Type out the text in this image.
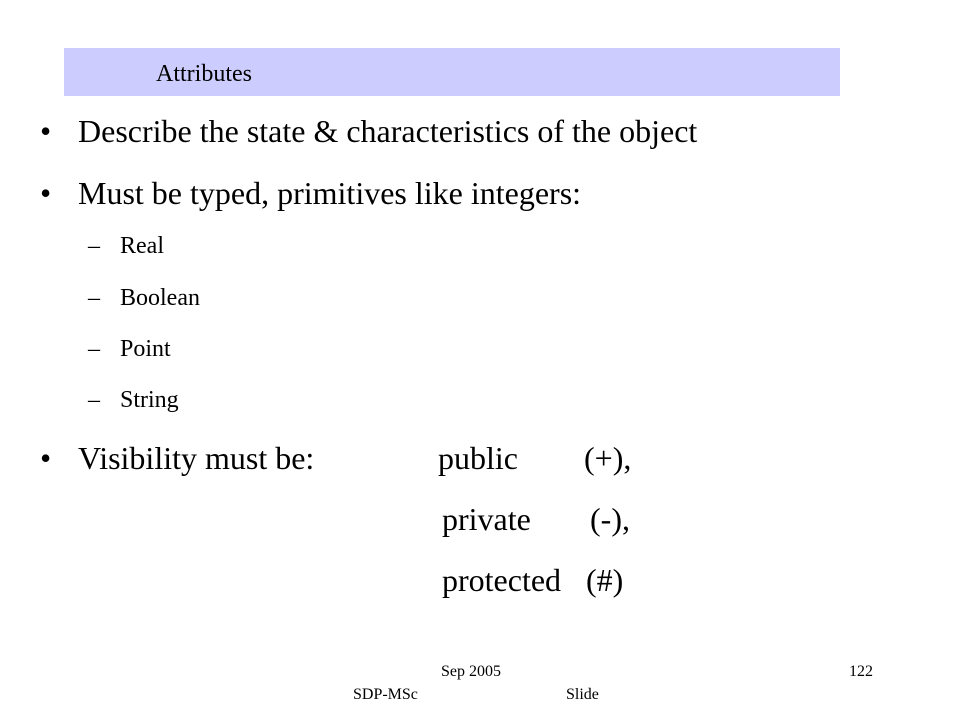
Attributes
• Describe the state & characteristics of the object
• Must be typed, primitives like integers:
– Real
– Boolean
– Point
– String
• Visibility must be:	public (+),
private (-),
protected (#)
Sep 2005	122
SDP-MSc	Slide
